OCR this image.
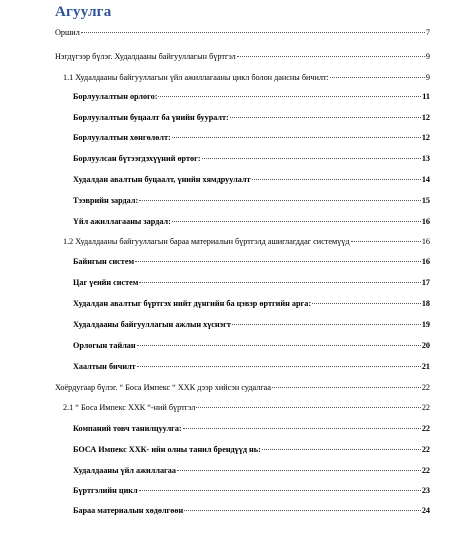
Агуулга
Оршил	7
Нэгдүгээр бүлэг. Худалдааны байгууллагын бүртгэл	9
1.1 Худалдааны байгууллагын үйл ажиллагааны цикл болон дансны бичилт:	9
Борлуулалтын орлого:	11
Борлуулалтын буцаалт ба үнийн бууралт:	12
Борлуулалтын хөнгөлөлт:	12
Борлуулсан бүтээгдэхүүний өртөг:	13
Худалдан авалтын буцаалт, үнийн хямдруулалт	14
Тээврийн зардал:	15
Үйл ажиллагааны зардал:	16
1.2 Худалдааны байгууллагын бараа материалын бүртгэлд ашиглагддаг системүүд	16
Байнгын систем	16
Цаг үеийн систем	17
Худалдан авалтыг бүртгэх нийт дүнгийн ба цэвэр өртгийн арга:	18
Худалдааны байгууллагын ажлын хүснэгт	19
Орлогын тайлан	20
Хаалтын бичилт	21
Хоёрдугаар бүлэг. “ Боса Импекс “ ХХК дээр хийсэн судалгаа	22
2.1 “ Боса Импекс ХХК “-ний бүртгэл	22
Компаний товч танилцуулга:	22
БОСА Импекс ХХК- ийн олны танил брендүүд нь:	22
Худалдааны үйл ажиллагаа	22
Бүртгэлийн цикл	23
Бараа материалын хөдөлгөөн	24
